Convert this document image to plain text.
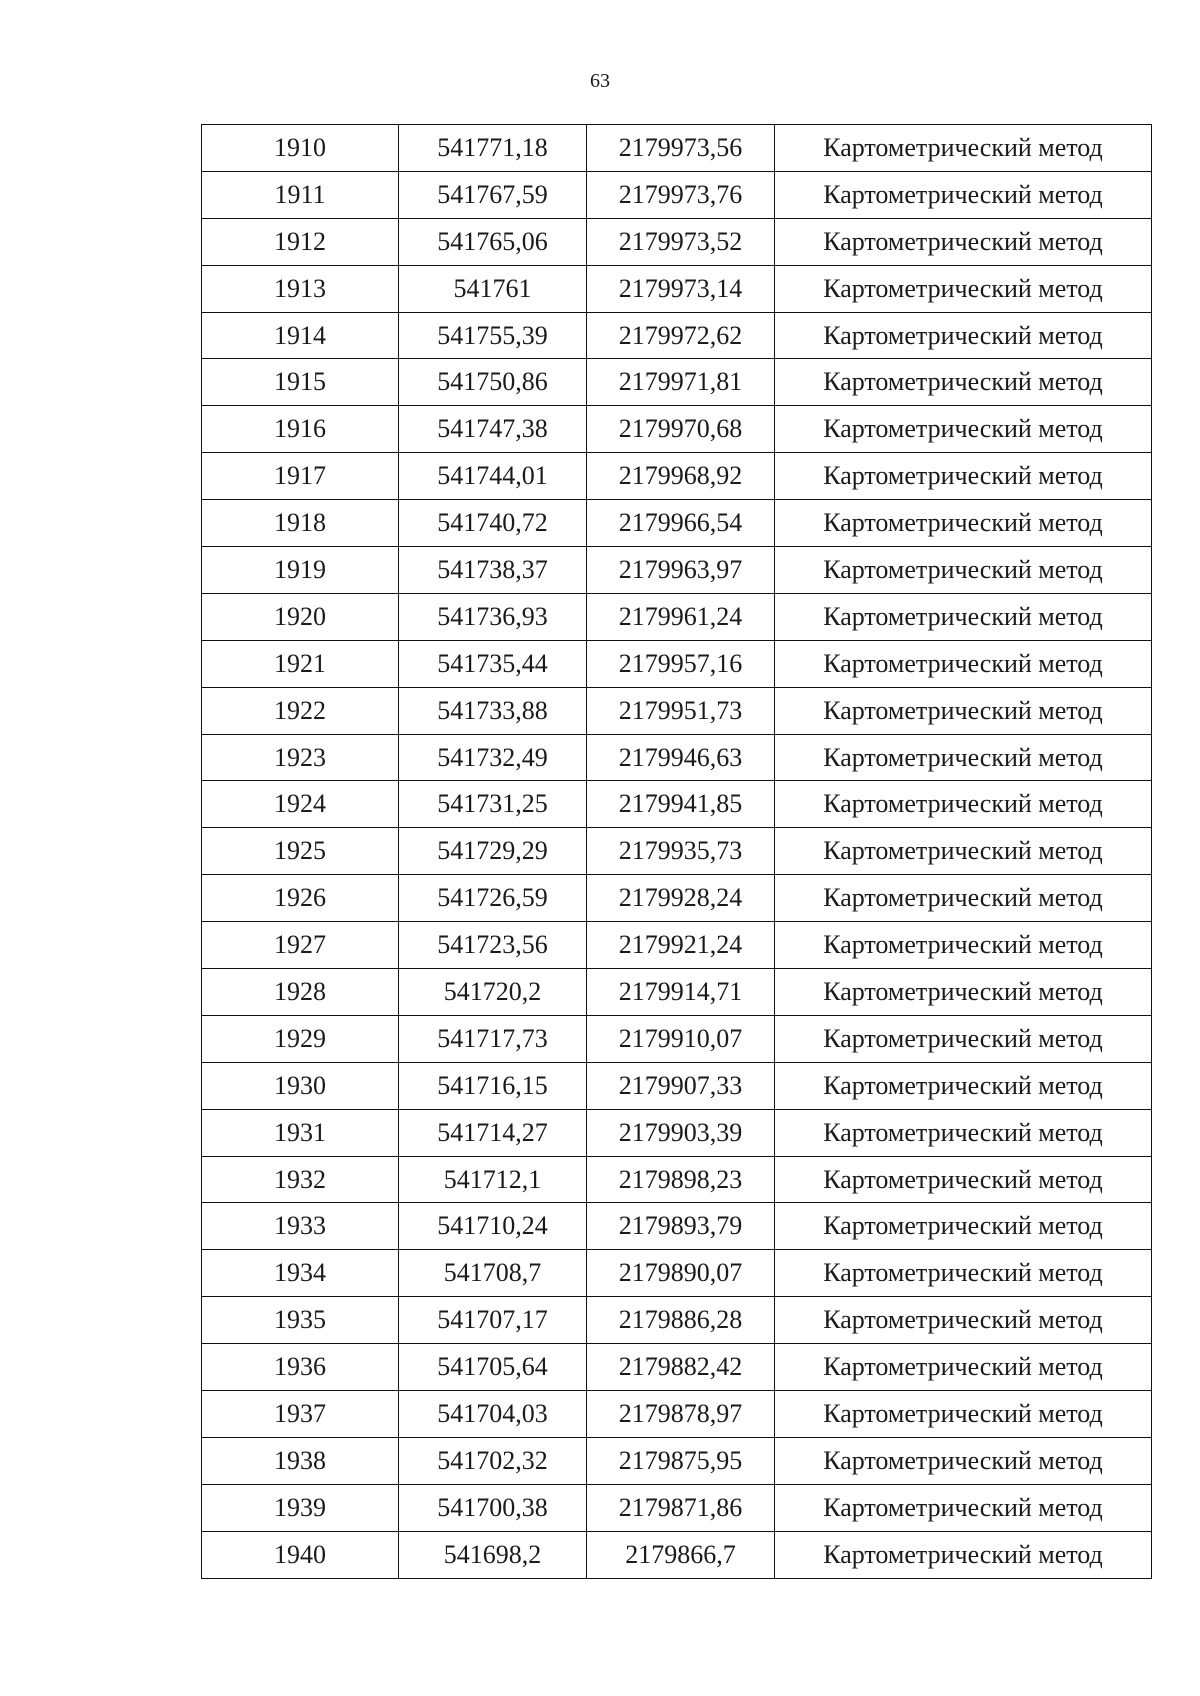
63
1910	541771,18	2179973,56	Картометрический метод
1911	541767,59	2179973,76	Картометрический метод
1912	541765,06	2179973,52	Картометрический метод
1913	541761	2179973,14	Картометрический метод
1914	541755,39	2179972,62	Картометрический метод
1915	541750,86	2179971,81	Картометрический метод
1916	541747,38	2179970,68	Картометрический метод
1917	541744,01	2179968,92	Картометрический метод
1918	541740,72	2179966,54	Картометрический метод
1919	541738,37	2179963,97	Картометрический метод
1920	541736,93	2179961,24	Картометрический метод
1921	541735,44	2179957,16	Картометрический метод
1922	541733,88	2179951,73	Картометрический метод
1923	541732,49	2179946,63	Картометрический метод
1924	541731,25	2179941,85	Картометрический метод
1925	541729,29	2179935,73	Картометрический метод
1926	541726,59	2179928,24	Картометрический метод
1927	541723,56	2179921,24	Картометрический метод
1928	541720,2	2179914,71	Картометрический метод
1929	541717,73	2179910,07	Картометрический метод
1930	541716,15	2179907,33	Картометрический метод
1931	541714,27	2179903,39	Картометрический метод
1932	541712,1	2179898,23	Картометрический метод
1933	541710,24	2179893,79	Картометрический метод
1934	541708,7	2179890,07	Картометрический метод
1935	541707,17	2179886,28	Картометрический метод
1936	541705,64	2179882,42	Картометрический метод
1937	541704,03	2179878,97	Картометрический метод
1938	541702,32	2179875,95	Картометрический метод
1939	541700,38	2179871,86	Картометрический метод
1940	541698,2	2179866,7	Картометрический метод
